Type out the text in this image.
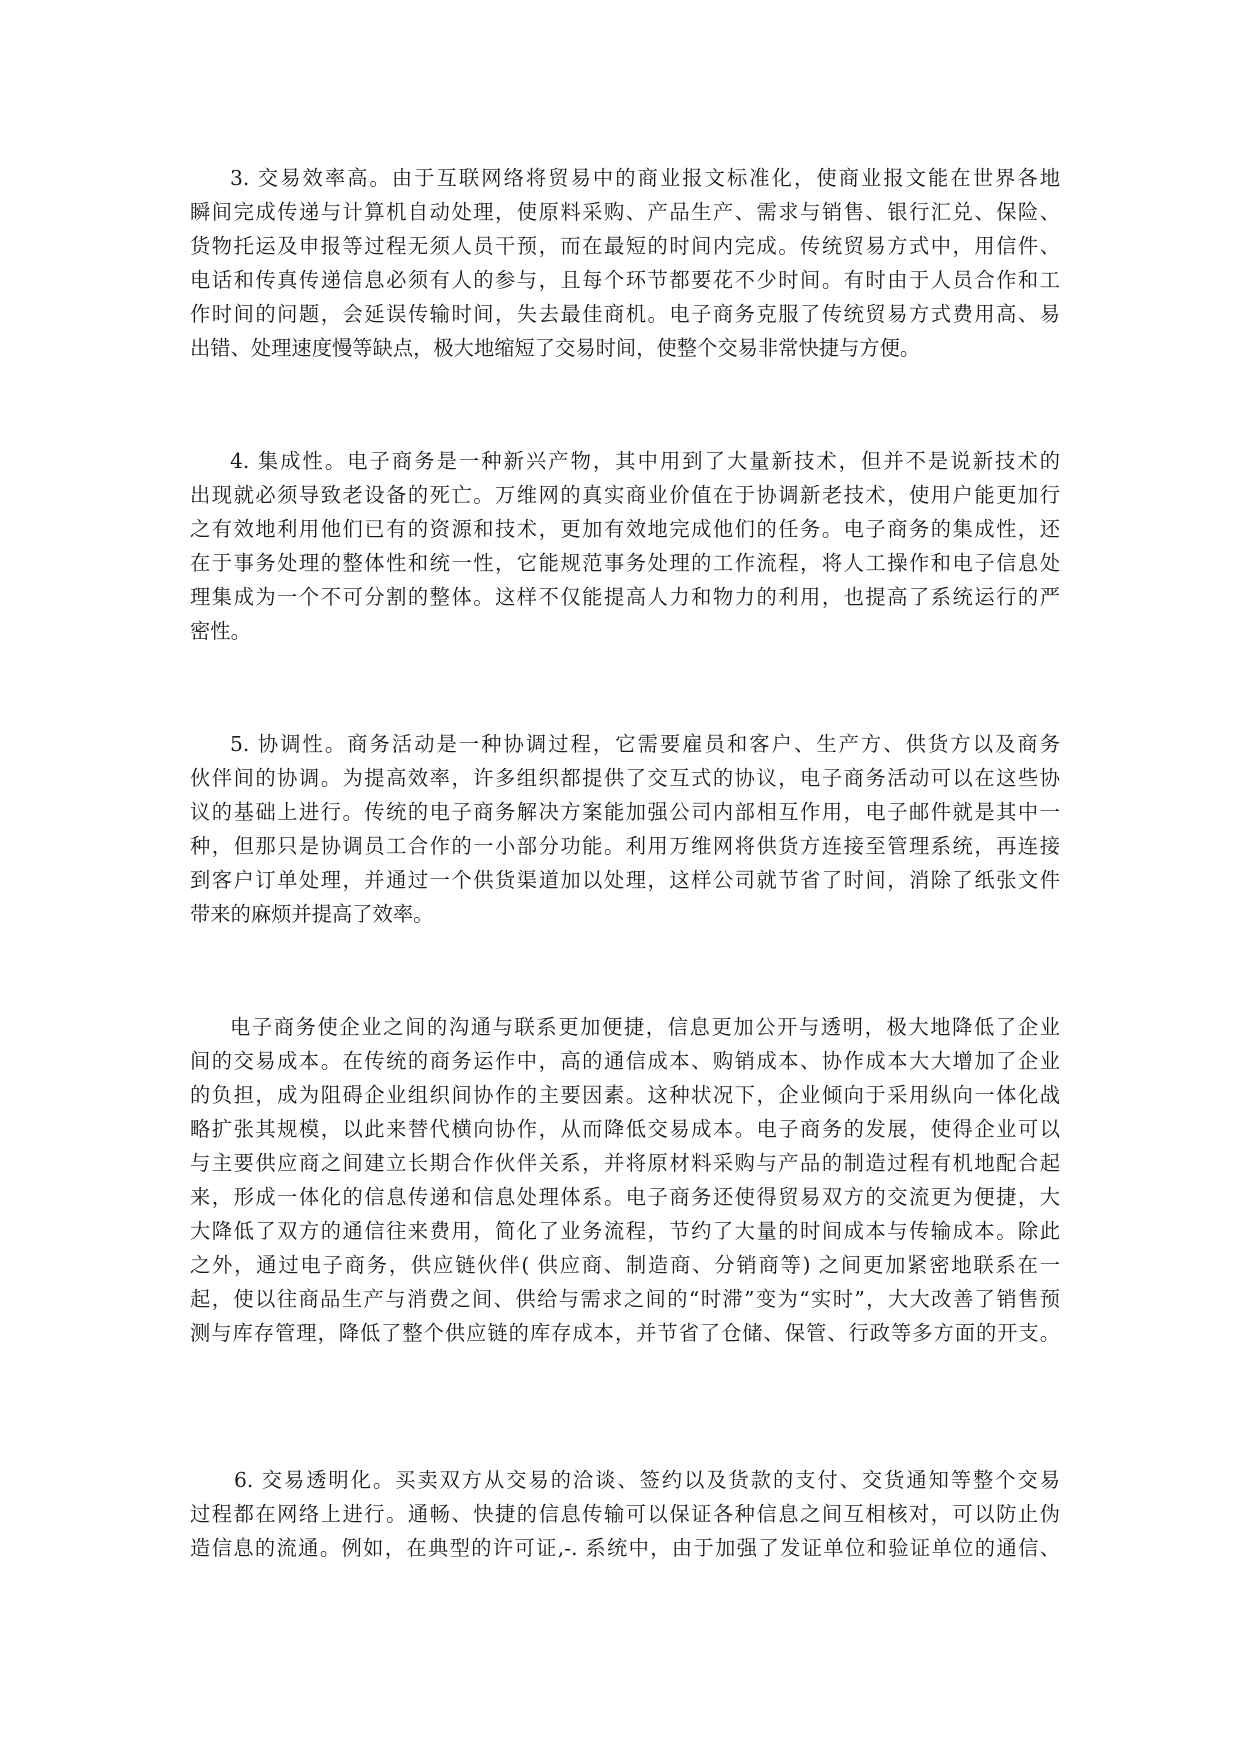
3. 交易效率高。由于互联网络将贸易中的商业报文标准化，使商业报文能在世界各地
瞬间完成传递与计算机自动处理，使原料采购、产品生产、需求与销售、银行汇兑、保险、
货物托运及申报等过程无须人员干预，而在最短的时间内完成。传统贸易方式中，用信件、
电话和传真传递信息必须有人的参与，且每个环节都要花不少时间。有时由于人员合作和工
作时间的问题，会延误传输时间，失去最佳商机。电子商务克服了传统贸易方式费用高、易
出错、处理速度慢等缺点，极大地缩短了交易时间，使整个交易非常快捷与方便。
4. 集成性。电子商务是一种新兴产物，其中用到了大量新技术，但并不是说新技术的
出现就必须导致老设备的死亡。万维网的真实商业价值在于协调新老技术，使用户能更加行
之有效地利用他们已有的资源和技术，更加有效地完成他们的任务。电子商务的集成性，还
在于事务处理的整体性和统一性，它能规范事务处理的工作流程，将人工操作和电子信息处
理集成为一个不可分割的整体。这样不仅能提高人力和物力的利用，也提高了系统运行的严
密性。
5. 协调性。商务活动是一种协调过程，它需要雇员和客户、生产方、供货方以及商务
伙伴间的协调。为提高效率，许多组织都提供了交互式的协议，电子商务活动可以在这些协
议的基础上进行。传统的电子商务解决方案能加强公司内部相互作用，电子邮件就是其中一
种，但那只是协调员工合作的一小部分功能。利用万维网将供货方连接至管理系统，再连接
到客户订单处理，并通过一个供货渠道加以处理，这样公司就节省了时间，消除了纸张文件
带来的麻烦并提高了效率。
电子商务使企业之间的沟通与联系更加便捷，信息更加公开与透明，极大地降低了企业
间的交易成本。在传统的商务运作中，高的通信成本、购销成本、协作成本大大增加了企业
的负担，成为阻碍企业组织间协作的主要因素。这种状况下，企业倾向于采用纵向一体化战
略扩张其规模，以此来替代横向协作，从而降低交易成本。电子商务的发展，使得企业可以
与主要供应商之间建立长期合作伙伴关系，并将原材料采购与产品的制造过程有机地配合起
来，形成一体化的信息传递和信息处理体系。电子商务还使得贸易双方的交流更为便捷，大
大降低了双方的通信往来费用，简化了业务流程，节约了大量的时间成本与传输成本。除此
之外，通过电子商务，供应链伙伴( 供应商、制造商、分销商等) 之间更加紧密地联系在一
起，使以往商品生产与消费之间、供给与需求之间的“时滞”变为“实时”，大大改善了销售预
测与库存管理，降低了整个供应链的库存成本，并节省了仓储、保管、行政等多方面的开支。
6. 交易透明化。买卖双方从交易的洽谈、签约以及货款的支付、交货通知等整个交易
过程都在网络上进行。通畅、快捷的信息传输可以保证各种信息之间互相核对，可以防止伪
造信息的流通。例如，在典型的许可证,-. 系统中，由于加强了发证单位和验证单位的通信、
